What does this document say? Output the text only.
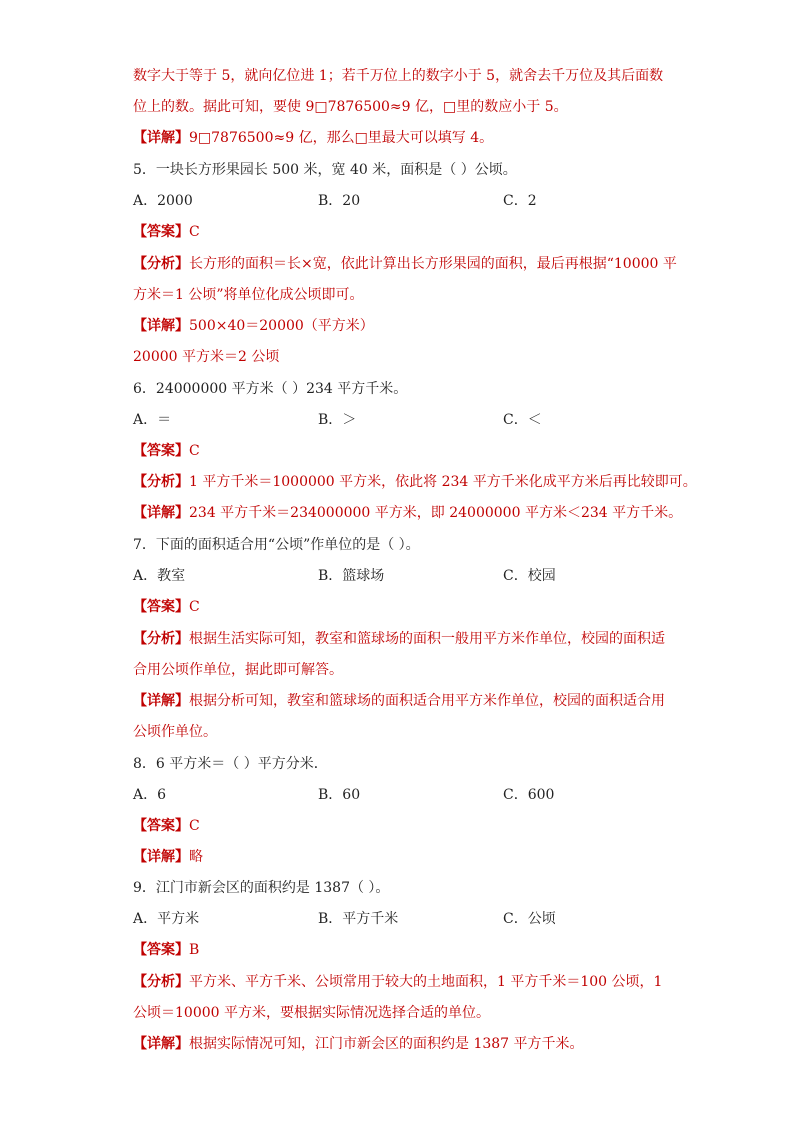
数字大于等于 5，就向亿位进 1；若千万位上的数字小于 5，就舍去千万位及其后面数
位上的数。据此可知，要使 9□7876500≈9 亿，□里的数应小于 5。
【详解】9□7876500≈9 亿，那么□里最大可以填写 4。
5．一块长方形果园长 500 米，宽 40 米，面积是（ ）公顷。
A．2000	B．20	C．2
【答案】C
【分析】长方形的面积＝长×宽，依此计算出长方形果园的面积，最后再根据“10000 平
方米＝1 公顷”将单位化成公顷即可。
【详解】500×40＝20000（平方米）
20000 平方米＝2 公顷
6．24000000 平方米（ ）234 平方千米。
A．＝	B．＞	C．＜
【答案】C
【分析】1 平方千米＝1000000 平方米，依此将 234 平方千米化成平方米后再比较即可。
【详解】234 平方千米＝234000000 平方米，即 24000000 平方米＜234 平方千米。
7．下面的面积适合用“公顷”作单位的是（ ）。
A．教室	B．篮球场	C．校园
【答案】C
【分析】根据生活实际可知，教室和篮球场的面积一般用平方米作单位，校园的面积适
合用公顷作单位，据此即可解答。
【详解】根据分析可知，教室和篮球场的面积适合用平方米作单位，校园的面积适合用
公顷作单位。
8．6 平方米＝（ ）平方分米．
A．6	B．60	C．600
【答案】C
【详解】略
9．江门市新会区的面积约是 1387（ ）。
A．平方米	B．平方千米	C．公顷
【答案】B
【分析】平方米、平方千米、公顷常用于较大的土地面积，1 平方千米＝100 公顷，1
公顷＝10000 平方米，要根据实际情况选择合适的单位。
【详解】根据实际情况可知，江门市新会区的面积约是 1387 平方千米。
